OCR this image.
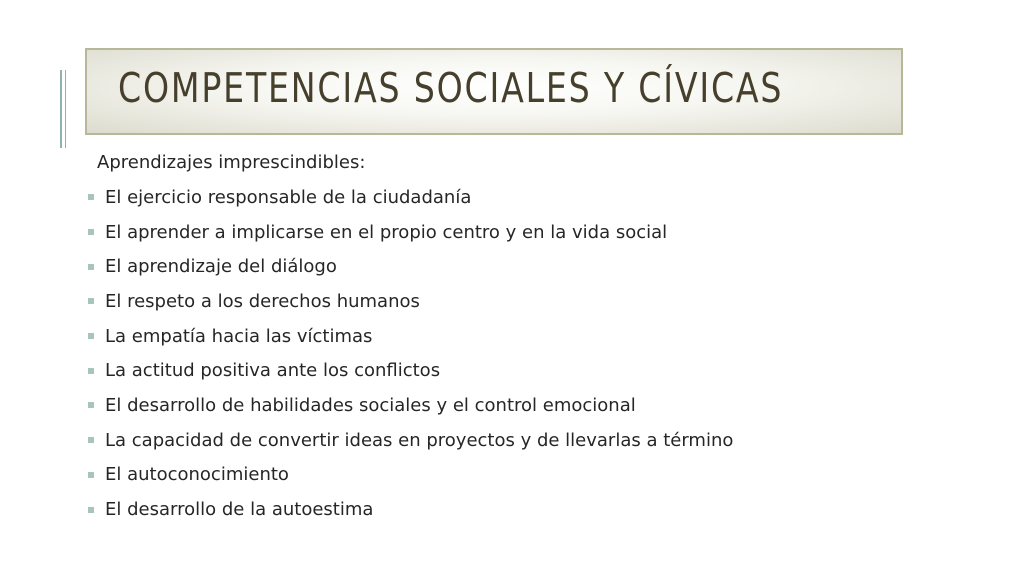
COMPETENCIAS SOCIALES Y CÍVICAS
Aprendizajes imprescindibles:
El ejercicio responsable de la ciudadanía
El aprender a implicarse en el propio centro y en la vida social
El aprendizaje del diálogo
El respeto a los derechos humanos
La empatía hacia las víctimas
La actitud positiva ante los conflictos
El desarrollo de habilidades sociales y el control emocional
La capacidad de convertir ideas en proyectos y de llevarlas a término
El autoconocimiento
El desarrollo de la autoestima
